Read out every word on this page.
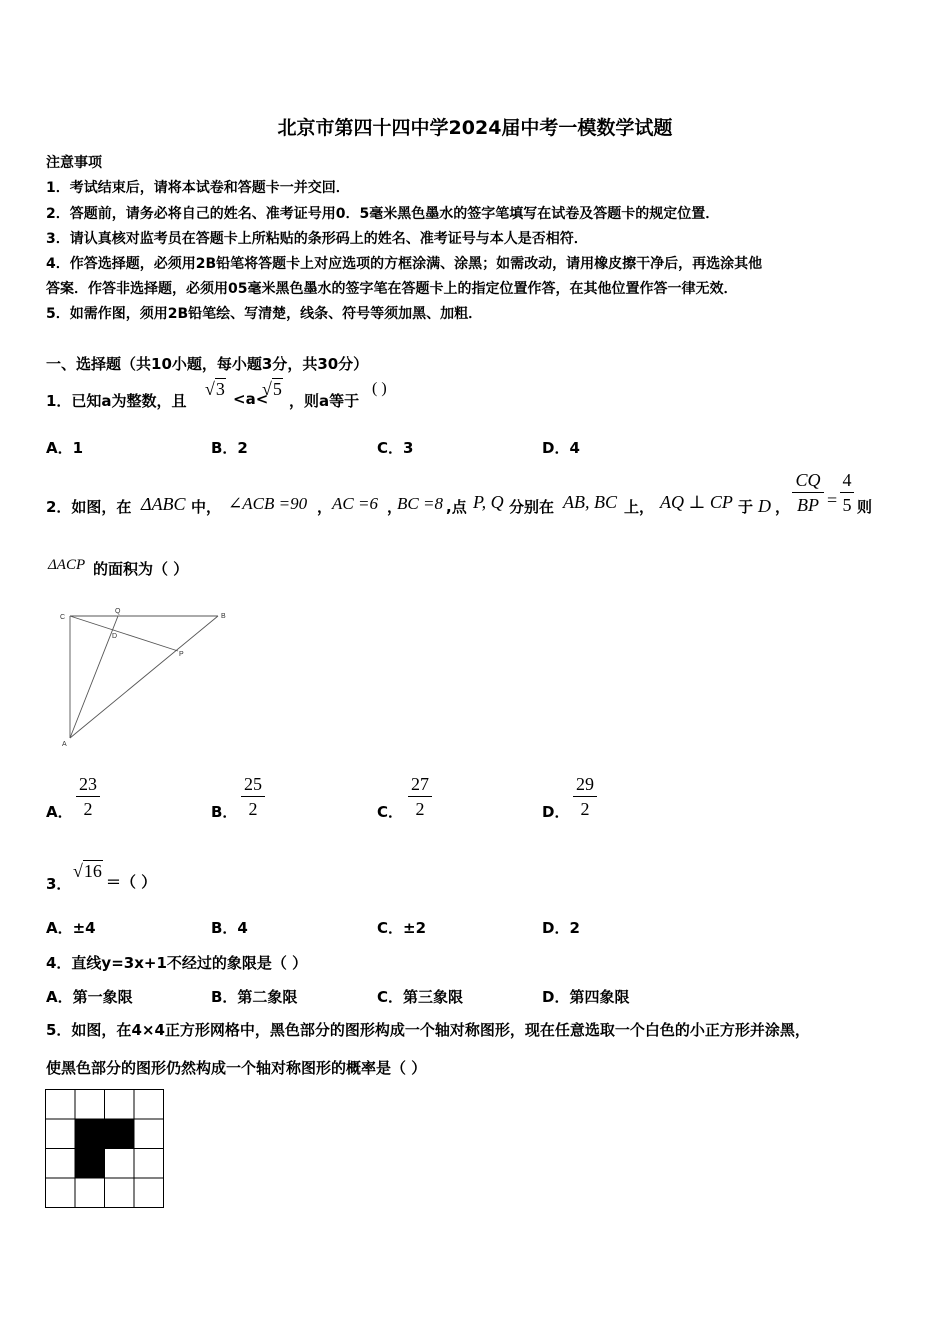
北京市第四十四中学2024届中考一模数学试题
注意事项
1．考试结束后，请将本试卷和答题卡一并交回．
2．答题前，请务必将自己的姓名、准考证号用0．5毫米黑色墨水的签字笔填写在试卷及答题卡的规定位置．
3．请认真核对监考员在答题卡上所粘贴的条形码上的姓名、准考证号与本人是否相符．
4．作答选择题，必须用2B铅笔将答题卡上对应选项的方框涂满、涂黑；如需改动，请用橡皮擦干净后，再选涂其他
答案．作答非选择题，必须用05毫米黑色墨水的签字笔在答题卡上的指定位置作答，在其他位置作答一律无效．
5．如需作图，须用2B铅笔绘、写清楚，线条、符号等须加黑、加粗．
一、选择题（共10小题，每小题3分，共30分）
1．已知a为整数，且
√3 <a<
√5
，则a等于
( )
A．1	B．2	C．3	D．4
2．如图，在 ΔABC 中， ∠ACB =90 ， AC =6 ，
BC =8 ,点 P, Q 分别在 AB, BC 上， AQ ⊥ CP 于 D ，
CQ
BP =
4
5 则
ΔACP 的面积为（ ）
C
Q
B
D
P
A
A．
23
2	B．
25
2	C．
27
2	D．
29
2
3．
√16
＝（ ）
A．±4	B．4	C．±2	D．2
4．直线y=3x+1不经过的象限是（ ）
A．第一象限	B．第二象限	C．第三象限	D．第四象限
5．如图，在4×4正方形网格中，黑色部分的图形构成一个轴对称图形，现在任意选取一个白色的小正方形并涂黑，
使黑色部分的图形仍然构成一个轴对称图形的概率是（ ）
